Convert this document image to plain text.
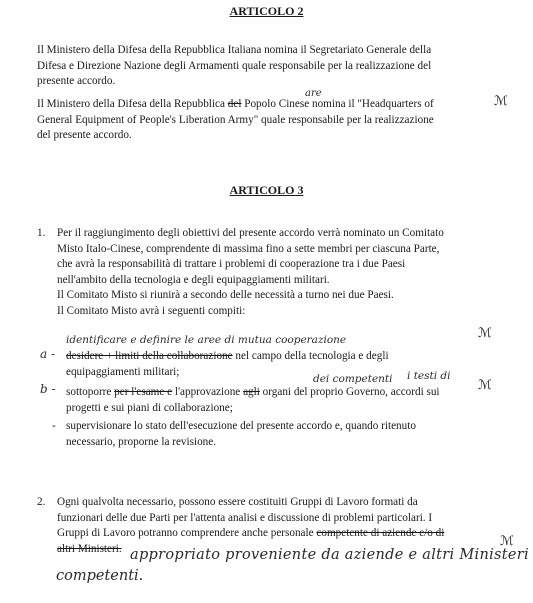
ARTICOLO 2
Il Ministero della Difesa della Repubblica Italiana nomina il Segretariato Generale della
Difesa e Direzione Nazione degli Armamenti quale responsabile per la realizzazione del
presente accordo.
are
Il Ministero della Difesa della Repubblica del Popolo Cinese nomina il "Headquarters of
General Equipment of People's Liberation Army" quale responsabile per la realizzazione
del presente accordo.
ℳ
ARTICOLO 3
1. Per il raggiungimento degli obiettivi del presente accordo verrà nominato un Comitato
Misto Italo-Cinese, comprendente di massima fino a sette membri per ciascuna Parte,
che avrà la responsabilità di trattare i problemi di cooperazione tra i due Paesi
nell'ambito della tecnologia e degli equipaggiamenti militari.
Il Comitato Misto si riunirà a secondo delle necessità a turno nei due Paesi.
Il Comitato Misto avrà i seguenti compiti:
identificare e definire le aree di mutua cooperazione	ℳ
a - desidere + limiti della collaborazione nel campo della tecnologia e degli
equipaggiamenti militari;
dei competenti i testi di
ℳ
b - sottoporre per l'esame e l'approvazione agli organi del proprio Governo, accordi sui
progetti e sui piani di collaborazione;
- supervisionare lo stato dell'esecuzione del presente accordo e, quando ritenuto
necessario, proporne la revisione.
2. Ogni qualvolta necessario, possono essere costituiti Gruppi di Lavoro formati da
funzionari delle due Parti per l'attenta analisi e discussione di problemi particolari. I
Gruppi di Lavoro potranno comprendere anche personale competente di aziende e/o di
altri Ministeri.	ℳ
appropriato proveniente da aziende e altri Ministeri
competenti.
